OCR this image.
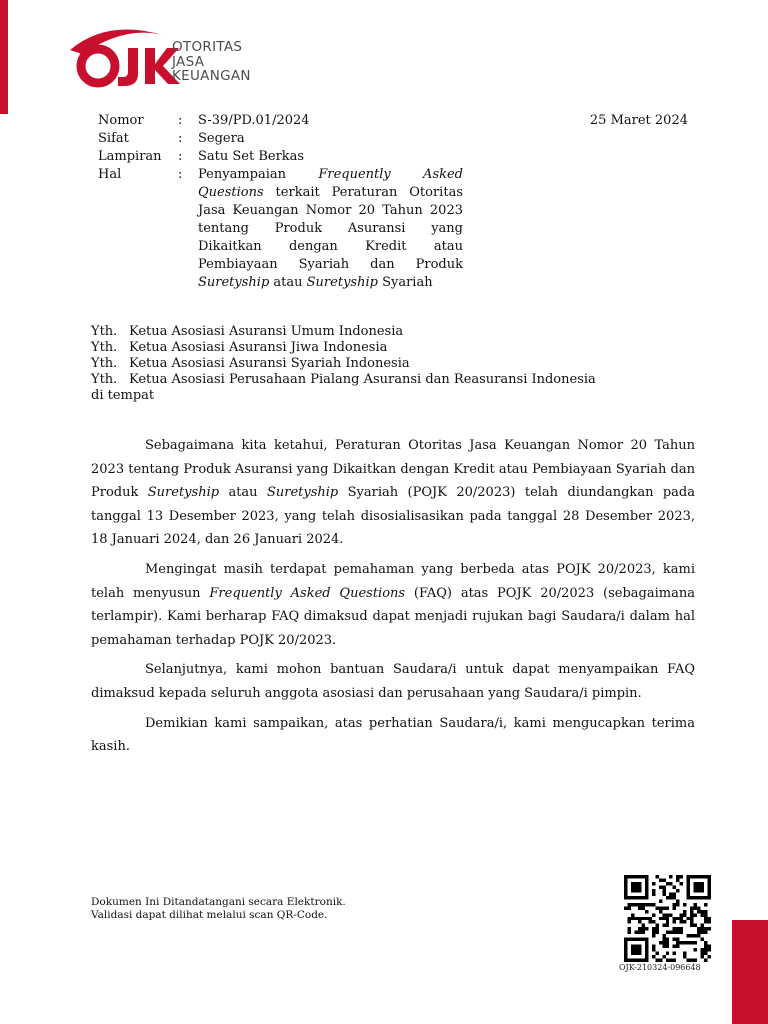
OTORITAS
JASA
KEUANGAN
Nomor	:	S-39/PD.01/2024
Sifat	:	Segera
Lampiran	:	Satu Set Berkas
Hal	:	Penyampaian Frequently Asked Questions terkait Peraturan Otoritas Jasa Keuangan Nomor 20 Tahun 2023 tentang Produk Asuransi yang Dikaitkan dengan Kredit atau Pembiayaan Syariah dan Produk Suretyship atau Suretyship Syariah
25 Maret 2024
Yth. Ketua Asosiasi Asuransi Umum Indonesia
Yth. Ketua Asosiasi Asuransi Jiwa Indonesia
Yth. Ketua Asosiasi Asuransi Syariah Indonesia
Yth. Ketua Asosiasi Perusahaan Pialang Asuransi dan Reasuransi Indonesia
di tempat

Sebagaimana kita ketahui, Peraturan Otoritas Jasa Keuangan Nomor 20 Tahun 2023 tentang Produk Asuransi yang Dikaitkan dengan Kredit atau Pembiayaan Syariah dan Produk Suretyship atau Suretyship Syariah (POJK 20/2023) telah diundangkan pada tanggal 13 Desember 2023, yang telah disosialisasikan pada tanggal 28 Desember 2023, 18 Januari 2024, dan 26 Januari 2024.

Mengingat masih terdapat pemahaman yang berbeda atas POJK 20/2023, kami telah menyusun Frequently Asked Questions (FAQ) atas POJK 20/2023 (sebagaimana terlampir). Kami berharap FAQ dimaksud dapat menjadi rujukan bagi Saudara/i dalam hal pemahaman terhadap POJK 20/2023.

Selanjutnya, kami mohon bantuan Saudara/i untuk dapat menyampaikan FAQ dimaksud kepada seluruh anggota asosiasi dan perusahaan yang Saudara/i pimpin.

Demikian kami sampaikan, atas perhatian Saudara/i, kami mengucapkan terima kasih.

Dokumen Ini Ditandatangani secara Elektronik.
Validasi dapat dilihat melalui scan QR-Code.
OJK-210324-096648
